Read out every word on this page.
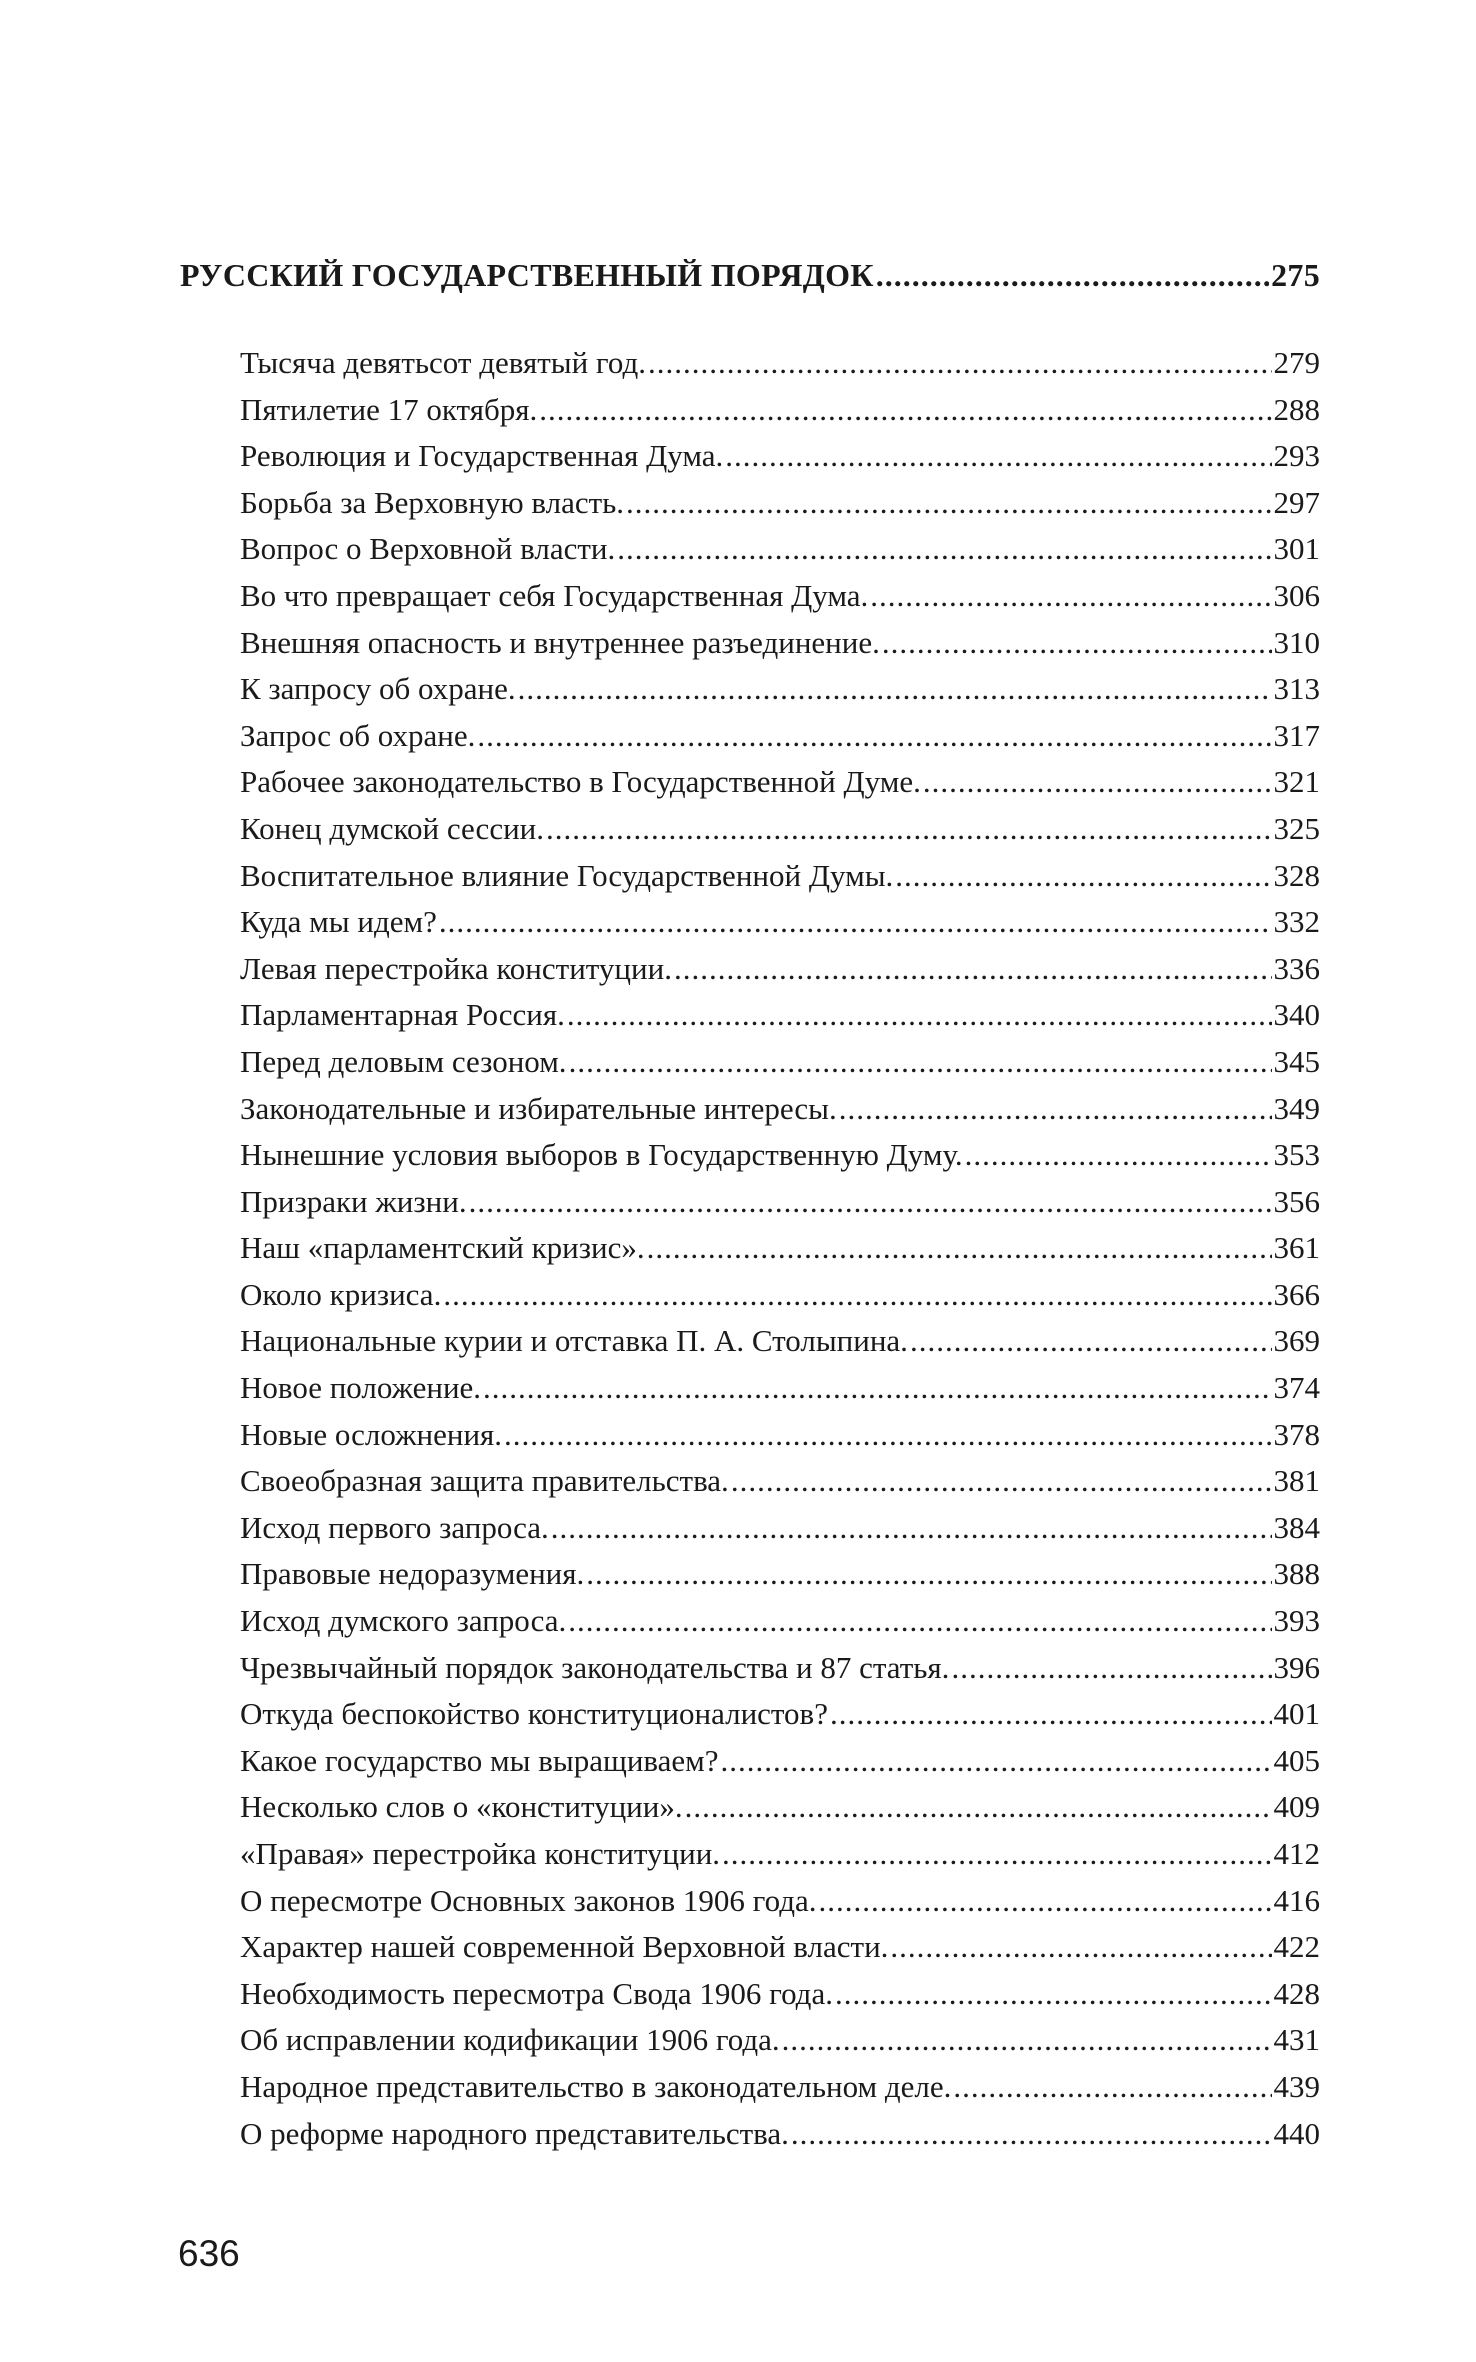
РУССКИЙ ГОСУДАРСТВЕННЫЙ ПОРЯДОК .....	275
Тысяча девятьсот девятый год. .....	279
Пятилетие 17 октября. .....	288
Революция и Государственная Дума. .....	293
Борьба за Верховную власть. .....	297
Вопрос о Верховной власти. .....	301
Во что превращает себя Государственная Дума. .....	306
Внешняя опасность и внутреннее разъединение. .....	310
К запросу об охране. .....	313
Запрос об охране. .....	317
Рабочее законодательство в Государственной Думе. .....	321
Конец думской сессии. .....	325
Воспитательное влияние Государственной Думы. .....	328
Куда мы идем? .....	332
Левая перестройка конституции. .....	336
Парламентарная Россия. .....	340
Перед деловым сезоном. .....	345
Законодательные и избирательные интересы. .....	349
Нынешние условия выборов в Государственную Думу. .....	353
Призраки жизни. .....	356
Наш «парламентский кризис». .....	361
Около кризиса. .....	366
Национальные курии и отставка П. А. Столыпина. .....	369
Новое положение. .....	374
Новые осложнения. .....	378
Своеобразная защита правительства. .....	381
Исход первого запроса. .....	384
Правовые недоразумения. .....	388
Исход думского запроса. .....	393
Чрезвычайный порядок законодательства и 87 статья. .....	396
Откуда беспокойство конституционалистов? .....	401
Какое государство мы выращиваем? .....	405
Несколько слов о «конституции». .....	409
«Правая» перестройка конституции. .....	412
О пересмотре Основных законов 1906 года. .....	416
Характер нашей современной Верховной власти. .....	422
Необходимость пересмотра Свода 1906 года. .....	428
Об исправлении кодификации 1906 года. .....	431
Народное представительство в законодательном деле. .....	439
О реформе народного представительства. .....	440
636
